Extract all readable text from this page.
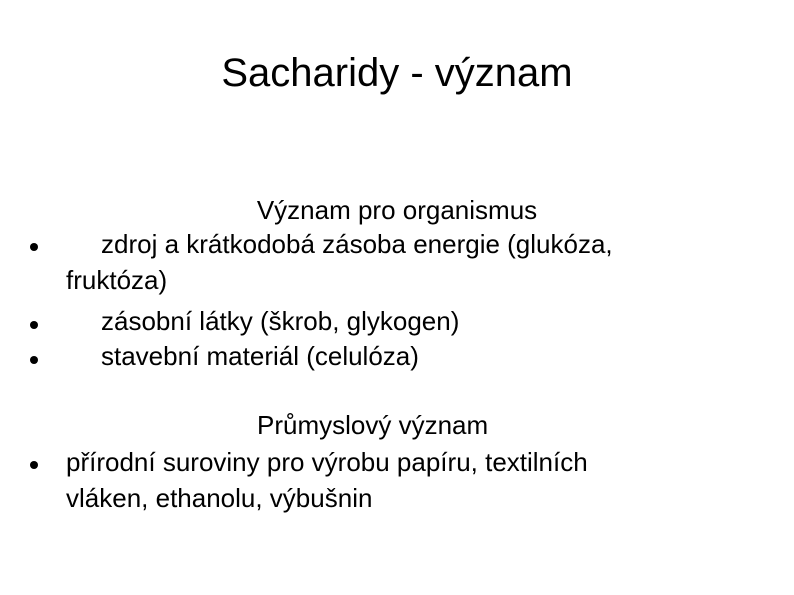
Sacharidy - význam
Význam pro organismus
zdroj a krátkodobá zásoba energie (glukóza,
fruktóza)
zásobní látky (škrob, glykogen)
stavební materiál (celulóza)
Průmyslový význam
přírodní suroviny pro výrobu papíru, textilních
vláken, ethanolu, výbušnin
